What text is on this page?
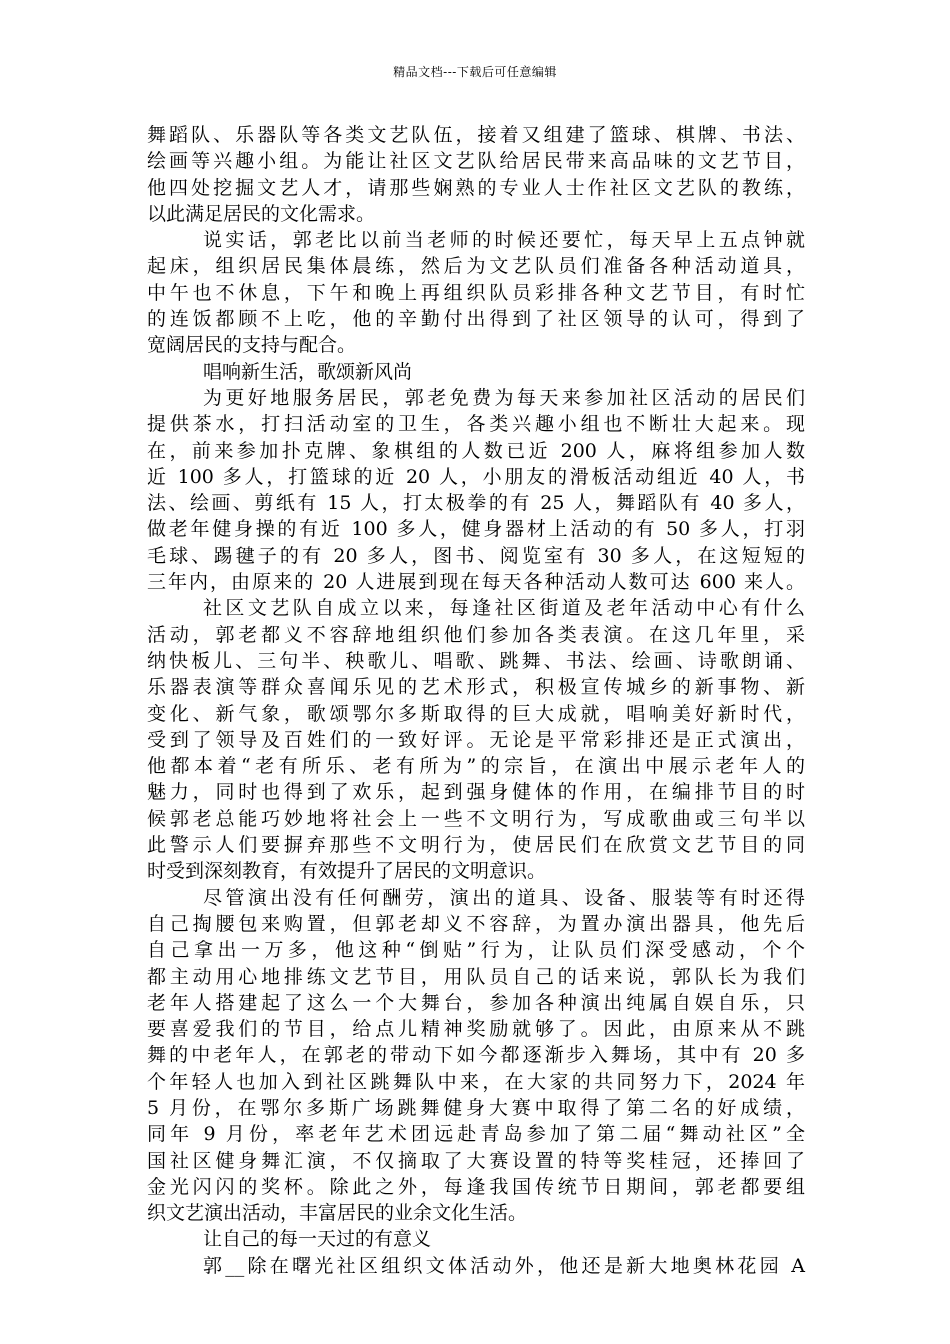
精品文档---下载后可任意编辑
舞蹈队、乐器队等各类文艺队伍，接着又组建了篮球、棋牌、书法、
绘画等兴趣小组。为能让社区文艺队给居民带来高品味的文艺节目，
他四处挖掘文艺人才，请那些娴熟的专业人士作社区文艺队的教练，
以此满足居民的文化需求。
说实话，郭老比以前当老师的时候还要忙，每天早上五点钟就
起床，组织居民集体晨练，然后为文艺队员们准备各种活动道具，
中午也不休息，下午和晚上再组织队员彩排各种文艺节目，有时忙
的连饭都顾不上吃，他的辛勤付出得到了社区领导的认可，得到了
宽阔居民的支持与配合。
唱响新生活，歌颂新风尚
为更好地服务居民，郭老免费为每天来参加社区活动的居民们
提供茶水，打扫活动室的卫生，各类兴趣小组也不断壮大起来。现
在，前来参加扑克牌、象棋组的人数已近 200 人，麻将组参加人数
近 100 多人，打篮球的近 20 人，小朋友的滑板活动组近 40 人，书
法、绘画、剪纸有 15 人，打太极拳的有 25 人，舞蹈队有 40 多人，
做老年健身操的有近 100 多人，健身器材上活动的有 50 多人，打羽
毛球、踢毽子的有 20 多人，图书、阅览室有 30 多人，在这短短的
三年内，由原来的 20 人进展到现在每天各种活动人数可达 600 来人。
社区文艺队自成立以来，每逢社区街道及老年活动中心有什么
活动，郭老都义不容辞地组织他们参加各类表演。在这几年里，采
纳快板儿、三句半、秧歌儿、唱歌、跳舞、书法、绘画、诗歌朗诵、
乐器表演等群众喜闻乐见的艺术形式，积极宣传城乡的新事物、新
变化、新气象，歌颂鄂尔多斯取得的巨大成就，唱响美好新时代，
受到了领导及百姓们的一致好评。无论是平常彩排还是正式演出，
他都本着“老有所乐、老有所为”的宗旨，在演出中展示老年人的
魅力，同时也得到了欢乐，起到强身健体的作用，在编排节目的时
候郭老总能巧妙地将社会上一些不文明行为，写成歌曲或三句半以
此警示人们要摒弃那些不文明行为，使居民们在欣赏文艺节目的同
时受到深刻教育，有效提升了居民的文明意识。
尽管演出没有任何酬劳，演出的道具、设备、服装等有时还得
自己掏腰包来购置，但郭老却义不容辞，为置办演出器具，他先后
自己拿出一万多，他这种“倒贴”行为，让队员们深受感动，个个
都主动用心地排练文艺节目，用队员自己的话来说，郭队长为我们
老年人搭建起了这么一个大舞台，参加各种演出纯属自娱自乐，只
要喜爱我们的节目，给点儿精神奖励就够了。因此，由原来从不跳
舞的中老年人，在郭老的带动下如今都逐渐步入舞场，其中有 20 多
个年轻人也加入到社区跳舞队中来，在大家的共同努力下，2024 年
5 月份，在鄂尔多斯广场跳舞健身大赛中取得了第二名的好成绩，
同年 9 月份，率老年艺术团远赴青岛参加了第二届“舞动社区”全
国社区健身舞汇演，不仅摘取了大赛设置的特等奖桂冠，还捧回了
金光闪闪的奖杯。除此之外，每逢我国传统节日期间，郭老都要组
织文艺演出活动，丰富居民的业余文化生活。
让自己的每一天过的有意义
郭__除在曙光社区组织文体活动外，他还是新大地奥林花园 A
